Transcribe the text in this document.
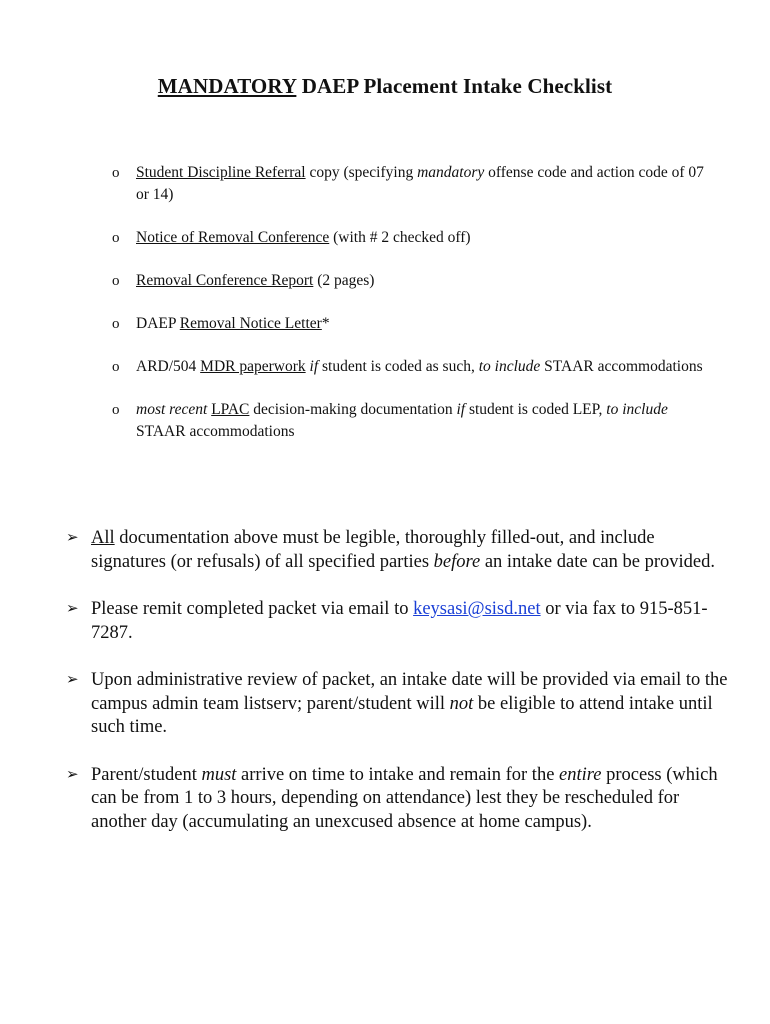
MANDATORY DAEP Placement Intake Checklist
o Student Discipline Referral copy (specifying mandatory offense code and action code of 07 or 14)
o Notice of Removal Conference (with # 2 checked off)
o Removal Conference Report (2 pages)
o DAEP Removal Notice Letter*
o ARD/504 MDR paperwork if student is coded as such, to include STAAR accommodations
o most recent LPAC decision-making documentation if student is coded LEP, to include STAAR accommodations
➢ All documentation above must be legible, thoroughly filled-out, and include signatures (or refusals) of all specified parties before an intake date can be provided.
➢ Please remit completed packet via email to keysasi@sisd.net or via fax to 915-851-7287.
➢ Upon administrative review of packet, an intake date will be provided via email to the campus admin team listserv; parent/student will not be eligible to attend intake until such time.
➢ Parent/student must arrive on time to intake and remain for the entire process (which can be from 1 to 3 hours, depending on attendance) lest they be rescheduled for another day (accumulating an unexcused absence at home campus).
